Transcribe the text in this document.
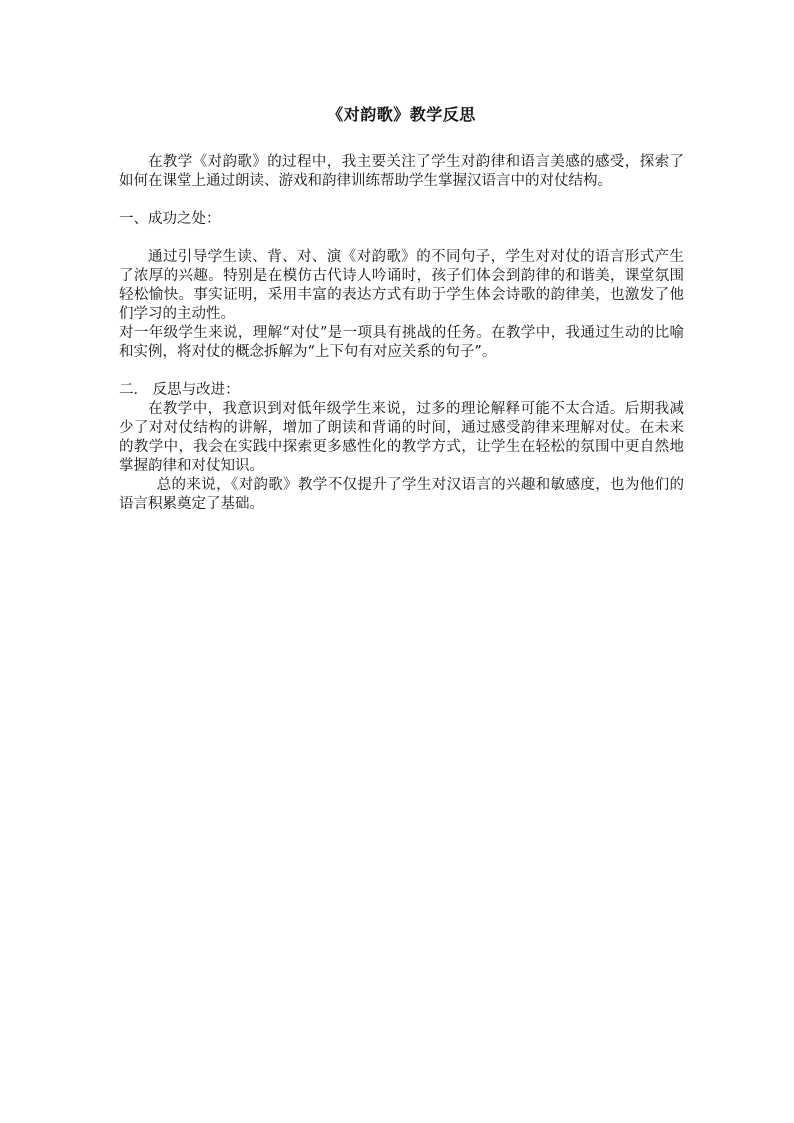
《对韵歌》教学反思

在教学《对韵歌》的过程中，我主要关注了学生对韵律和语言美感的感受，探索了如何在课堂上通过朗读、游戏和韵律训练帮助学生掌握汉语言中的对仗结构。

一、成功之处：

通过引导学生读、背、对、演《对韵歌》的不同句子，学生对对仗的语言形式产生了浓厚的兴趣。特别是在模仿古代诗人吟诵时，孩子们体会到韵律的和谐美，课堂氛围轻松愉快。事实证明，采用丰富的表达方式有助于学生体会诗歌的韵律美，也激发了他们学习的主动性。

对一年级学生来说，理解“对仗”是一项具有挑战的任务。在教学中，我通过生动的比喻和实例，将对仗的概念拆解为“上下句有对应关系的句子”。

二． 反思与改进：

在教学中，我意识到对低年级学生来说，过多的理论解释可能不太合适。后期我减少了对对仗结构的讲解，增加了朗读和背诵的时间，通过感受韵律来理解对仗。在未来的教学中，我会在实践中探索更多感性化的教学方式，让学生在轻松的氛围中更自然地掌握韵律和对仗知识。

总的来说，《对韵歌》教学不仅提升了学生对汉语言的兴趣和敏感度，也为他们的语言积累奠定了基础。
